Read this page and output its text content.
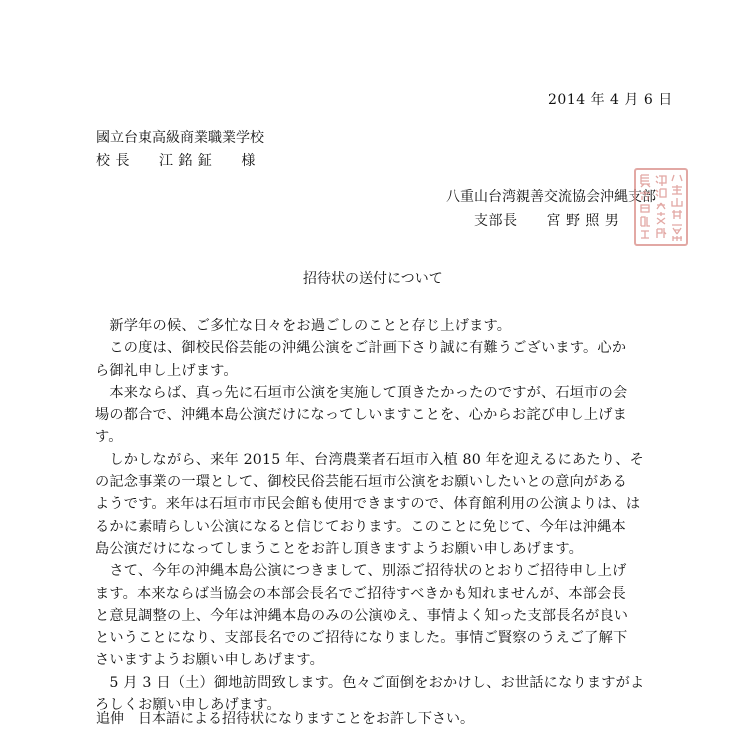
2014 年 4 月 6 日
國立台東高級商業職業学校
校 長　　江 銘 鉦　　様
八重山台湾親善交流協会沖縄支部
支部長　　宮 野 照 男
招待状の送付について
　新学年の候、ご多忙な日々をお過ごしのことと存じ上げます。
　この度は、御校民俗芸能の沖縄公演をご計画下さり誠に有難うございます。心か
ら御礼申し上げます。
　本来ならば、真っ先に石垣市公演を実施して頂きたかったのですが、石垣市の会
場の都合で、沖縄本島公演だけになってしいますことを、心からお詫び申し上げま
す。
　しかしながら、来年 2015 年、台湾農業者石垣市入植 80 年を迎えるにあたり、そ
の記念事業の一環として、御校民俗芸能石垣市公演をお願いしたいとの意向がある
ようです。来年は石垣市市民会館も使用できますので、体育館利用の公演よりは、は
るかに素晴らしい公演になると信じております。このことに免じて、今年は沖縄本
島公演だけになってしまうことをお許し頂きますようお願い申しあげます。
　さて、今年の沖縄本島公演につきまして、別添ご招待状のとおりご招待申し上げ
ます。本来ならば当協会の本部会長名でご招待すべきかも知れませんが、本部会長
と意見調整の上、今年は沖縄本島のみの公演ゆえ、事情よく知った支部長名が良い
ということになり、支部長名でのご招待になりました。事情ご賢察のうえご了解下
さいますようお願い申しあげます。
　5 月 3 日（土）御地訪問致します。色々ご面倒をおかけし、お世話になりますがよ
ろしくお願い申しあげます。
追伸　日本語による招待状になりますことをお許し下さい。
